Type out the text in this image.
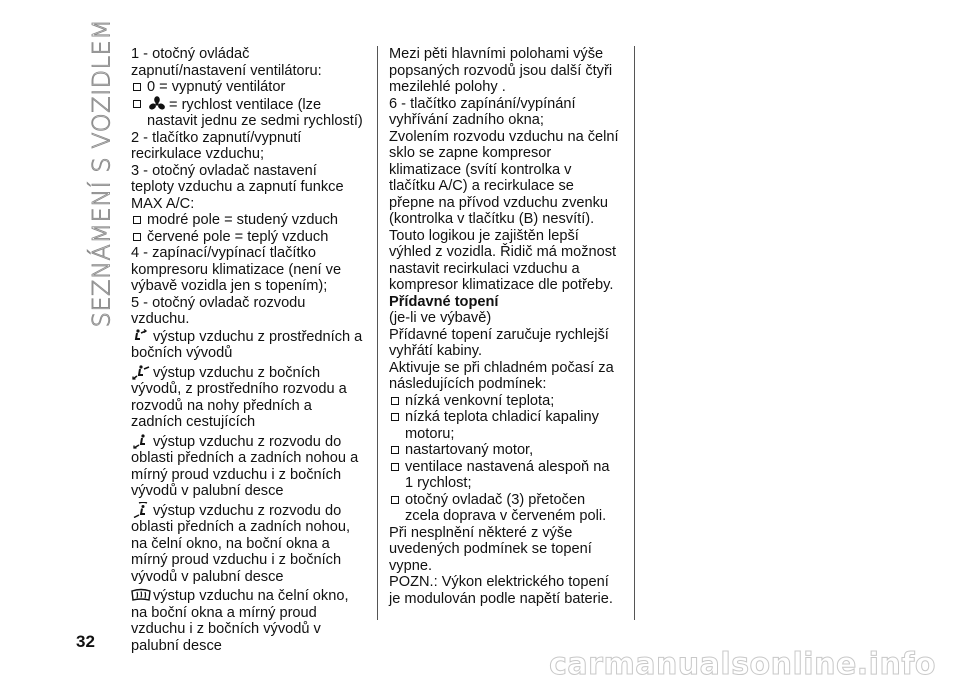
SEZNÁMENÍ S VOZIDLEM 1 - otočný ovládač zapnutí/nastavení ventilátoru:

0 = vypnutý ventilátor
= rychlost ventilace (lze nastavit jednu ze sedmi rychlostí)

2 - tlačítko zapnutí/vypnutí recirkulace vzduchu;

3 - otočný ovladač nastavení teploty vzduchu a zapnutí funkce MAX A/C:

modré pole = studený vzduch
červené pole = teplý vzduch

4 - zapínací/vypínací tlačítko kompresoru klimatizace (není ve výbavě vozidla jen s topením);

5 - otočný ovladač rozvodu vzduchu.

výstup vzduchu z prostředních a bočních vývodů

výstup vzduchu z bočních vývodů, z prostředního rozvodu a rozvodů na nohy předních a zadních cestujících

výstup vzduchu z rozvodu do oblasti předních a zadních nohou a mírný proud vzduchu i z bočních vývodů v palubní desce

výstup vzduchu z rozvodu do oblasti předních a zadních nohou, na čelní okno, na boční okna a mírný proud vzduchu i z bočních vývodů v palubní desce

výstup vzduchu na čelní okno, na boční okna a mírný proud vzduchu i z bočních vývodů v palubní desce

Mezi pěti hlavními polohami výše popsaných rozvodů jsou další čtyři mezilehlé polohy .

6 - tlačítko zapínání/vypínání vyhřívání zadního okna;

Zvolením rozvodu vzduchu na čelní sklo se zapne kompresor klimatizace (svítí kontrolka v tlačítku A/C) a recirkulace se přepne na přívod vzduchu zvenku (kontrolka v tlačítku (B) nesvítí). Touto logikou je zajištěn lepší výhled z vozidla. Řidič má možnost nastavit recirkulaci vzduchu a kompresor klimatizace dle potřeby.

Přídavné topení

(je-li ve výbavě)

Přídavné topení zaručuje rychlejší vyhřátí kabiny.

Aktivuje se při chladném počasí za následujících podmínek:

nízká venkovní teplota;
nízká teplota chladicí kapaliny motoru;
nastartovaný motor,
ventilace nastavená alespoň na 1 rychlost;
otočný ovladač (3) přetočen zcela doprava v červeném poli.

Při nesplnění některé z výše uvedených podmínek se topení vypne.

POZN.: Výkon elektrického topení je modulován podle napětí baterie.

32
carmanualsonline.info
